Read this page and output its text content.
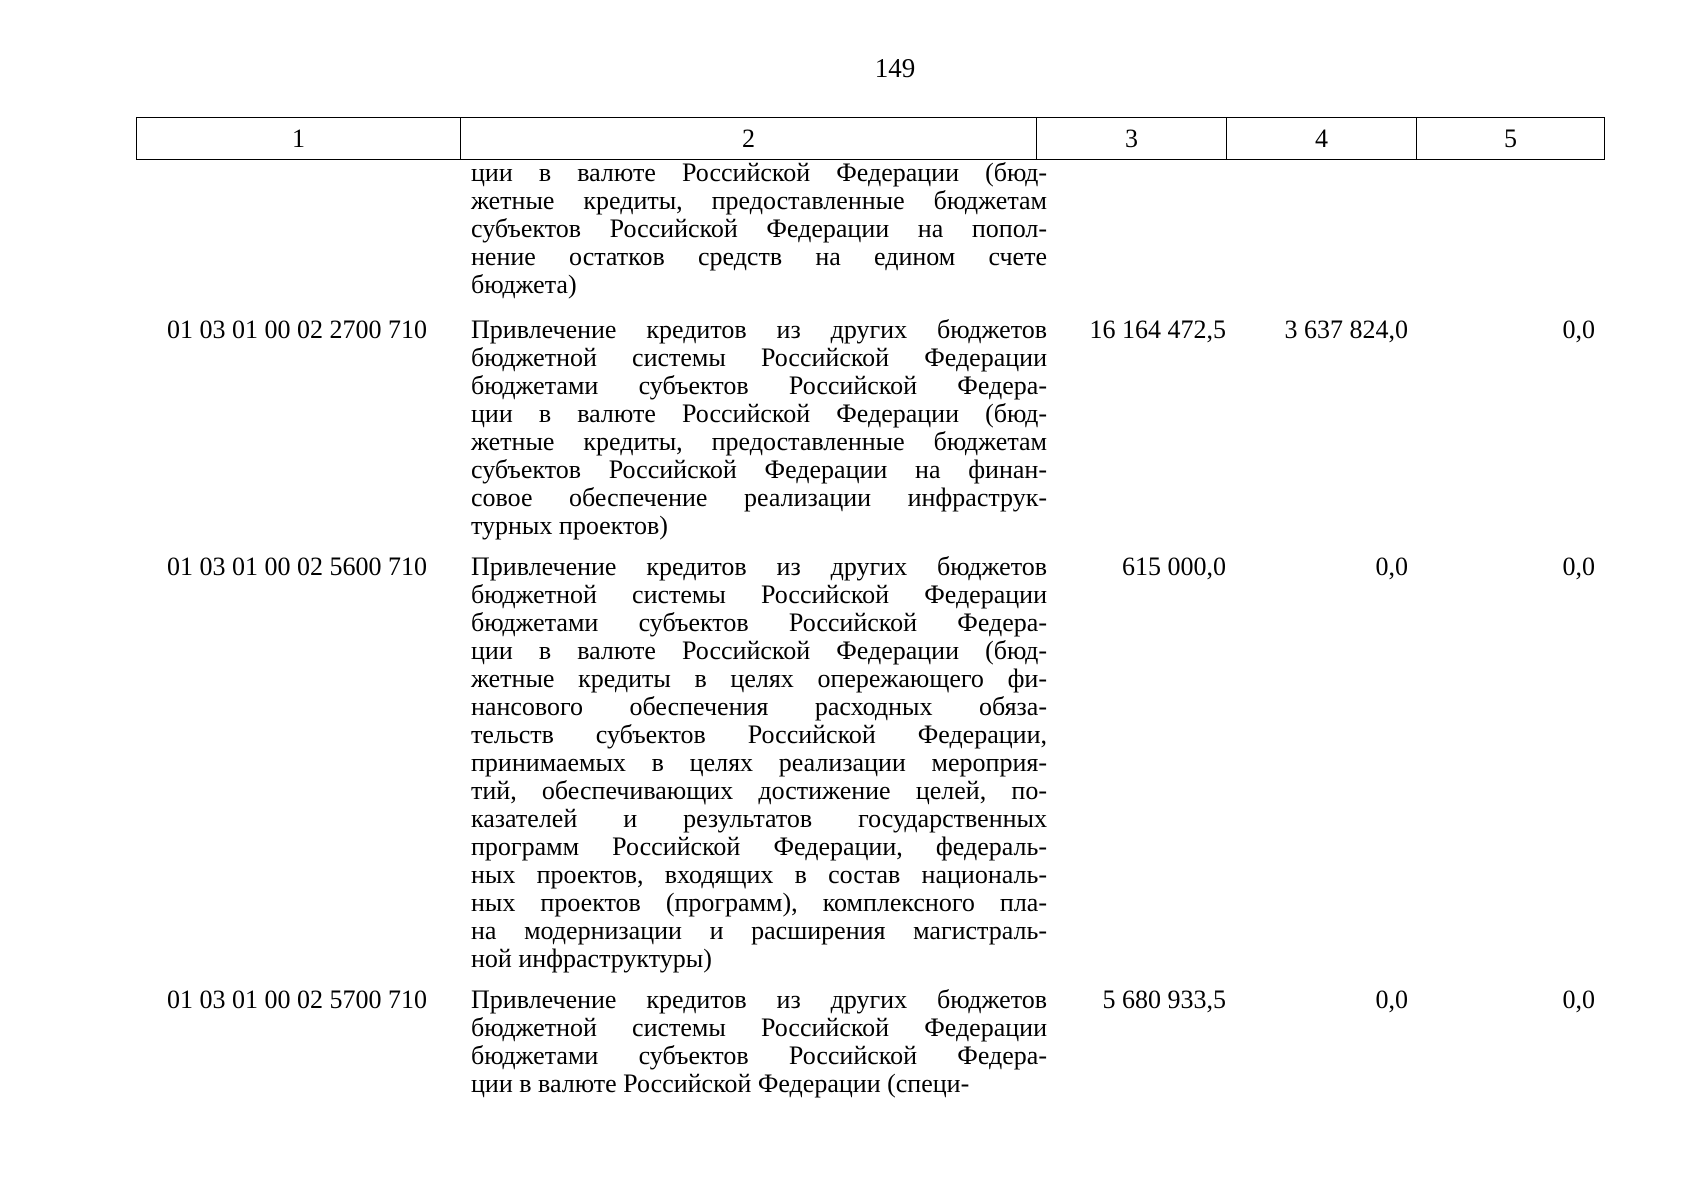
149
1	2	3	4	5
ции в валюте Российской Федерации (бюд-
жетные кредиты, предоставленные бюджетам
субъектов Российской Федерации на попол-
нение остатков средств на едином счете
бюджета)
01 03 01 00 02 2700 710	Привлечение кредитов из других бюджетов
бюджетной системы Российской Федерации
бюджетами субъектов Российской Федера-
ции в валюте Российской Федерации (бюд-
жетные кредиты, предоставленные бюджетам
субъектов Российской Федерации на финан-
совое обеспечение реализации инфраструк-
турных проектов)
16 164 472,5	3 637 824,0	0,0
01 03 01 00 02 5600 710	Привлечение кредитов из других бюджетов
бюджетной системы Российской Федерации
бюджетами субъектов Российской Федера-
ции в валюте Российской Федерации (бюд-
жетные кредиты в целях опережающего фи-
нансового обеспечения расходных обяза-
тельств субъектов Российской Федерации,
принимаемых в целях реализации мероприя-
тий, обеспечивающих достижение целей, по-
казателей и результатов государственных
программ Российской Федерации, федераль-
ных проектов, входящих в состав националь-
ных проектов (программ), комплексного пла-
на модернизации и расширения магистраль-
ной инфраструктуры)
615 000,0	0,0	0,0
01 03 01 00 02 5700 710	Привлечение кредитов из других бюджетов
бюджетной системы Российской Федерации
бюджетами субъектов Российской Федера-
ции в валюте Российской Федерации (специ-
5 680 933,5	0,0	0,0
